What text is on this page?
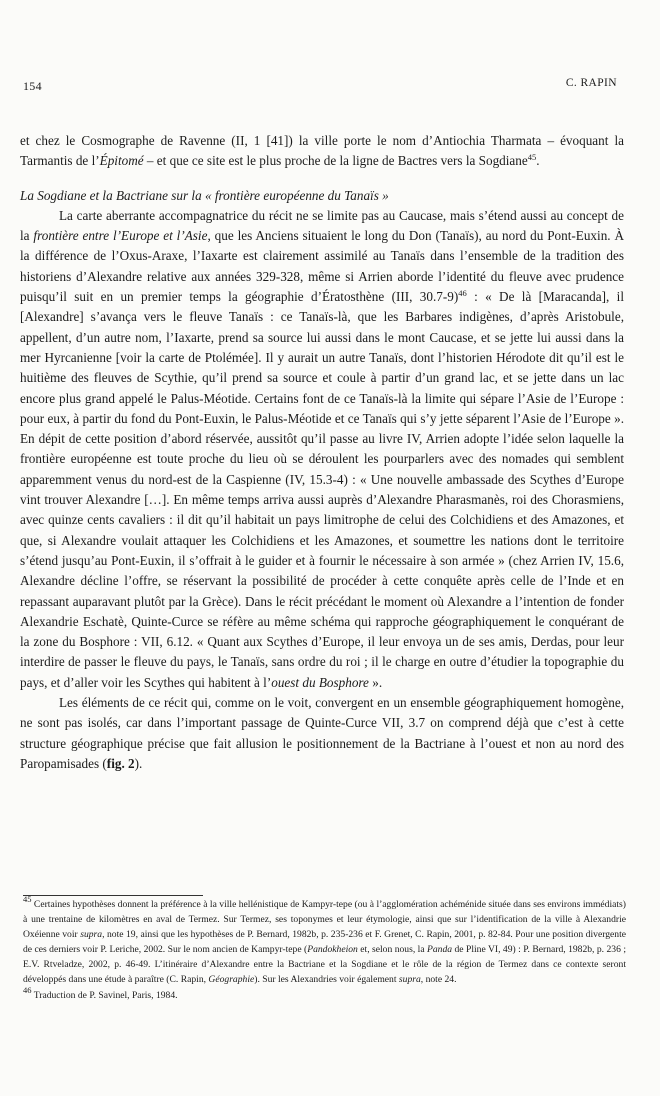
154	C. RAPIN

et chez le Cosmographe de Ravenne (II, 1 [41]) la ville porte le nom d’Antiochia Tharmata – évoquant la Tarmantis de l’Épitomé – et que ce site est le plus proche de la ligne de Bactres vers la Sogdiane$^{45}$.

La Sogdiane et la Bactriane sur la « frontière européenne du Tanaïs »

La carte aberrante accompagnatrice du récit ne se limite pas au Caucase, mais s’étend aussi au concept de la frontière entre l’Europe et l’Asie, que les Anciens situaient le long du Don (Tanaïs), au nord du Pont-Euxin. À la différence de l’Oxus-Araxe, l’Iaxarte est clairement assimilé au Tanaïs dans l’ensemble de la tradition des historiens d’Alexandre relative aux années 329-328, même si Arrien aborde l’identité du fleuve avec prudence puisqu’il suit en un premier temps la géographie d’Ératosthène (III, 30.7-9)$^{46}$ : « De là [Maracanda], il [Alexandre] s’avança vers le fleuve Tanaïs : ce Tanaïs-là, que les Barbares indigènes, d’après Aristobule, appellent, d’un autre nom, l’Iaxarte, prend sa source lui aussi dans le mont Caucase, et se jette lui aussi dans la mer Hyrcanienne [voir la carte de Ptolémée]. Il y aurait un autre Tanaïs, dont l’historien Hérodote dit qu’il est le huitième des fleuves de Scythie, qu’il prend sa source et coule à partir d’un grand lac, et se jette dans un lac encore plus grand appelé le Palus-Méotide. Certains font de ce Tanaïs-là la limite qui sépare l’Asie de l’Europe : pour eux, à partir du fond du Pont-Euxin, le Palus-Méotide et ce Tanaïs qui s’y jette séparent l’Asie de l’Europe ». En dépit de cette position d’abord réservée, aussitôt qu’il passe au livre IV, Arrien adopte l’idée selon laquelle la frontière européenne est toute proche du lieu où se déroulent les pourparlers avec des nomades qui semblent apparemment venus du nord-est de la Caspienne (IV, 15.3-4) : « Une nouvelle ambassade des Scythes d’Europe vint trouver Alexandre […]. En même temps arriva aussi auprès d’Alexandre Pharasmanès, roi des Chorasmiens, avec quinze cents cavaliers : il dit qu’il habitait un pays limitrophe de celui des Colchidiens et des Amazones, et que, si Alexandre voulait attaquer les Colchidiens et les Amazones, et soumettre les nations dont le territoire s’étend jusqu’au Pont-Euxin, il s’offrait à le guider et à fournir le nécessaire à son armée » (chez Arrien IV, 15.6, Alexandre décline l’offre, se réservant la possibilité de procéder à cette conquête après celle de l’Inde et en repassant auparavant plutôt par la Grèce). Dans le récit précédant le moment où Alexandre a l’intention de fonder Alexandrie Eschatè, Quinte-Curce se réfère au même schéma qui rapproche géographiquement le conquérant de la zone du Bosphore : VII, 6.12. « Quant aux Scythes d’Europe, il leur envoya un de ses amis, Derdas, pour leur interdire de passer le fleuve du pays, le Tanaïs, sans ordre du roi ; il le charge en outre d’étudier la topographie du pays, et d’aller voir les Scythes qui habitent à l’ouest du Bosphore ».

Les éléments de ce récit qui, comme on le voit, convergent en un ensemble géographiquement homogène, ne sont pas isolés, car dans l’important passage de Quinte-Curce VII, 3.7 on comprend déjà que c’est à cette structure géographique précise que fait allusion le positionnement de la Bactriane à l’ouest et non au nord des Paropamisades (fig. 2).

$^{45}$ Certaines hypothèses donnent la préférence à la ville hellénistique de Kampyr-tepe (ou à l’agglomération achéménide située dans ses environs immédiats) à une trentaine de kilomètres en aval de Termez. Sur Termez, ses toponymes et leur étymologie, ainsi que sur l’identification de la ville à Alexandrie Oxéienne voir supra, note 19, ainsi que les hypothèses de P. Bernard, 1982b, p. 235-236 et F. Grenet, C. Rapin, 2001, p. 82-84. Pour une position divergente de ces derniers voir P. Leriche, 2002. Sur le nom ancien de Kampyr-tepe (Pandokheion et, selon nous, la Panda de Pline VI, 49) : P. Bernard, 1982b, p. 236 ; E.V. Rtveladze, 2002, p. 46-49. L’itinéraire d’Alexandre entre la Bactriane et la Sogdiane et le rôle de la région de Termez dans ce contexte seront développés dans une étude à paraître (C. Rapin, Géographie). Sur les Alexandries voir également supra, note 24.

$^{46}$ Traduction de P. Savinel, Paris, 1984.
